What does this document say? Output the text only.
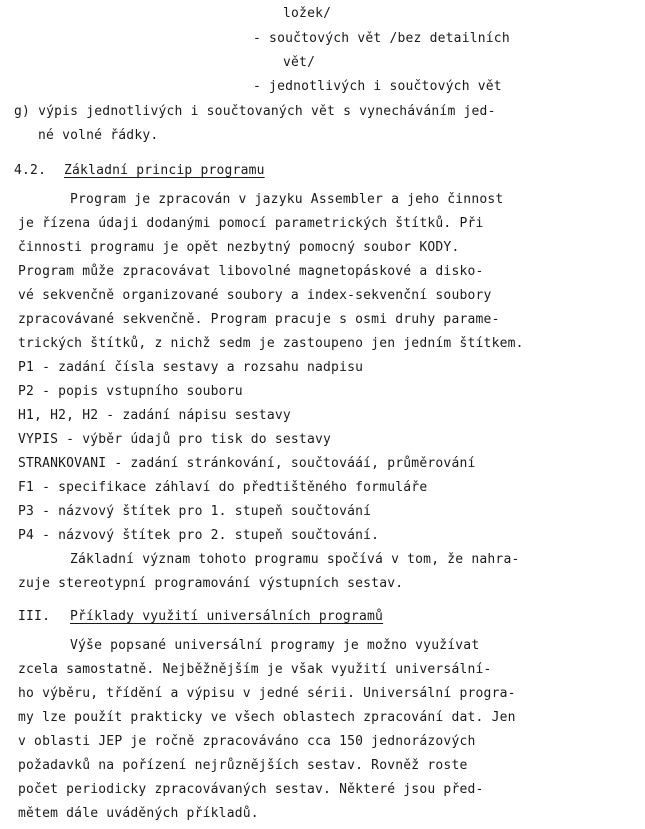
ložek/
- součtových vět /bez detailních
vět/
- jednotlivých i součtových vět
g) výpis jednotlivých i součtovaných vět s vynecháváním jed-
né volné řádky.
4.2. Základní princip programu
Program je zpracován v jazyku Assembler a jeho činnost
je řízena údaji dodanými pomocí parametrických štítků. Při
činnosti programu je opět nezbytný pomocný soubor KODY.
Program může zpracovávat libovolné magnetopáskové a disko-
vé sekvenčně organizované soubory a index-sekvenční soubory
zpracovávané sekvenčně. Program pracuje s osmi druhy parame-
trických štítků, z nichž sedm je zastoupeno jen jedním štítkem.
P1 - zadání čísla sestavy a rozsahu nadpisu
P2 - popis vstupního souboru
H1, H2, H2 - zadání nápisu sestavy
VYPIS - výběr údajů pro tisk do sestavy
STRANKOVANI - zadání stránkování, součtovááí, průměrování
F1 - specifikace záhlaví do předtištěného formuláře
P3 - názvový štítek pro 1. stupeň součtování
P4 - názvový štítek pro 2. stupeň součtování.
Základní význam tohoto programu spočívá v tom, že nahra-
zuje stereotypní programování výstupních sestav.
III. Příklady využití universálních programů
Výše popsané universální programy je možno využívat
zcela samostatně. Nejběžnějším je však využití universální-
ho výběru, třídění a výpisu v jedné sérii. Universální progra-
my lze použít prakticky ve všech oblastech zpracování dat. Jen
v oblasti JEP je ročně zpracováváno cca 150 jednorázových
požadavků na pořízení nejrůznějších sestav. Rovněž roste
počet periodicky zpracovávaných sestav. Některé jsou před-
mětem dále uváděných příkladů.
